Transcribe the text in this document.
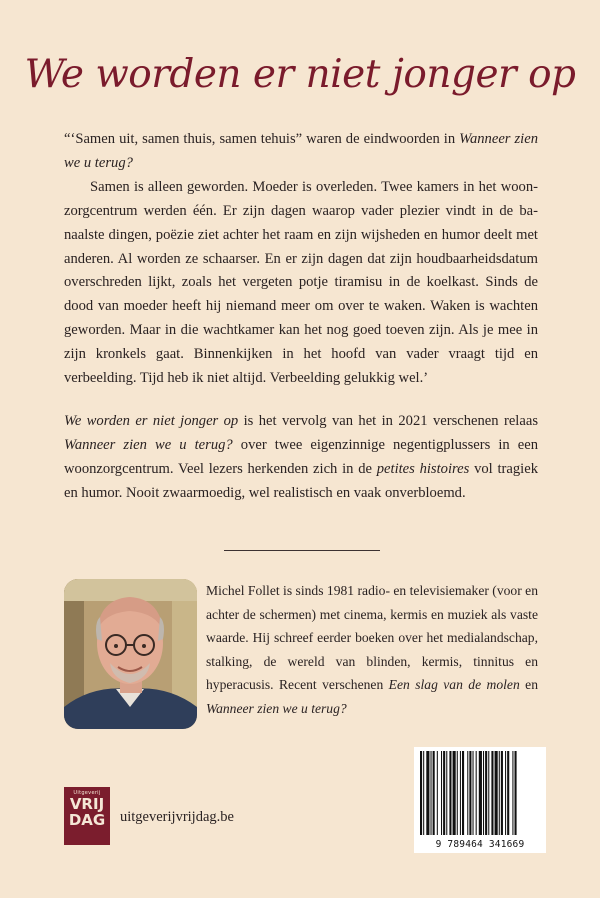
We worden er niet jonger op

“‘Samen uit, samen thuis, samen tehuis” waren de eindwoorden in Wanneer zien we u terug?

Samen is alleen geworden. Moeder is overleden. Twee kamers in het woonzorgcentrum werden één. Er zijn dagen waarop vader plezier vindt in de banaalste dingen, poëzie ziet achter het raam en zijn wijsheden en humor deelt met anderen. Al worden ze schaarser. En er zijn dagen dat zijn houdbaarheidsdatum overschreden lijkt, zoals het vergeten potje tiramisu in de koelkast. Sinds de dood van moeder heeft hij niemand meer om over te waken. Waken is wachten geworden. Maar in die wachtkamer kan het nog goed toeven zijn. Als je mee in zijn kronkels gaat. Binnenkijken in het hoofd van vader vraagt tijd en verbeelding. Tijd heb ik niet altijd. Verbeelding gelukkig wel.’

We worden er niet jonger op is het vervolg van het in 2021 verschenen relaas Wanneer zien we u terug? over twee eigenzinnige negentigplussers in een woonzorgcentrum. Veel lezers herkenden zich in de petites histoires vol tragiek en humor. Nooit zwaarmoedig, wel realistisch en vaak onverbloemd.

Michel Follet is sinds 1981 radio- en televisiemaker (voor en achter de schermen) met cinema, kermis en muziek als vaste waarde. Hij schreef eerder boeken over het medialandschap, stalking, de wereld van blinden, kermis, tinnitus en hyperacusis. Recent verschenen Een slag van de molen en Wanneer zien we u terug?

Uitgeverij
VRIJ
DAG	uitgeverijvrijdag.be
9 789464 341669
